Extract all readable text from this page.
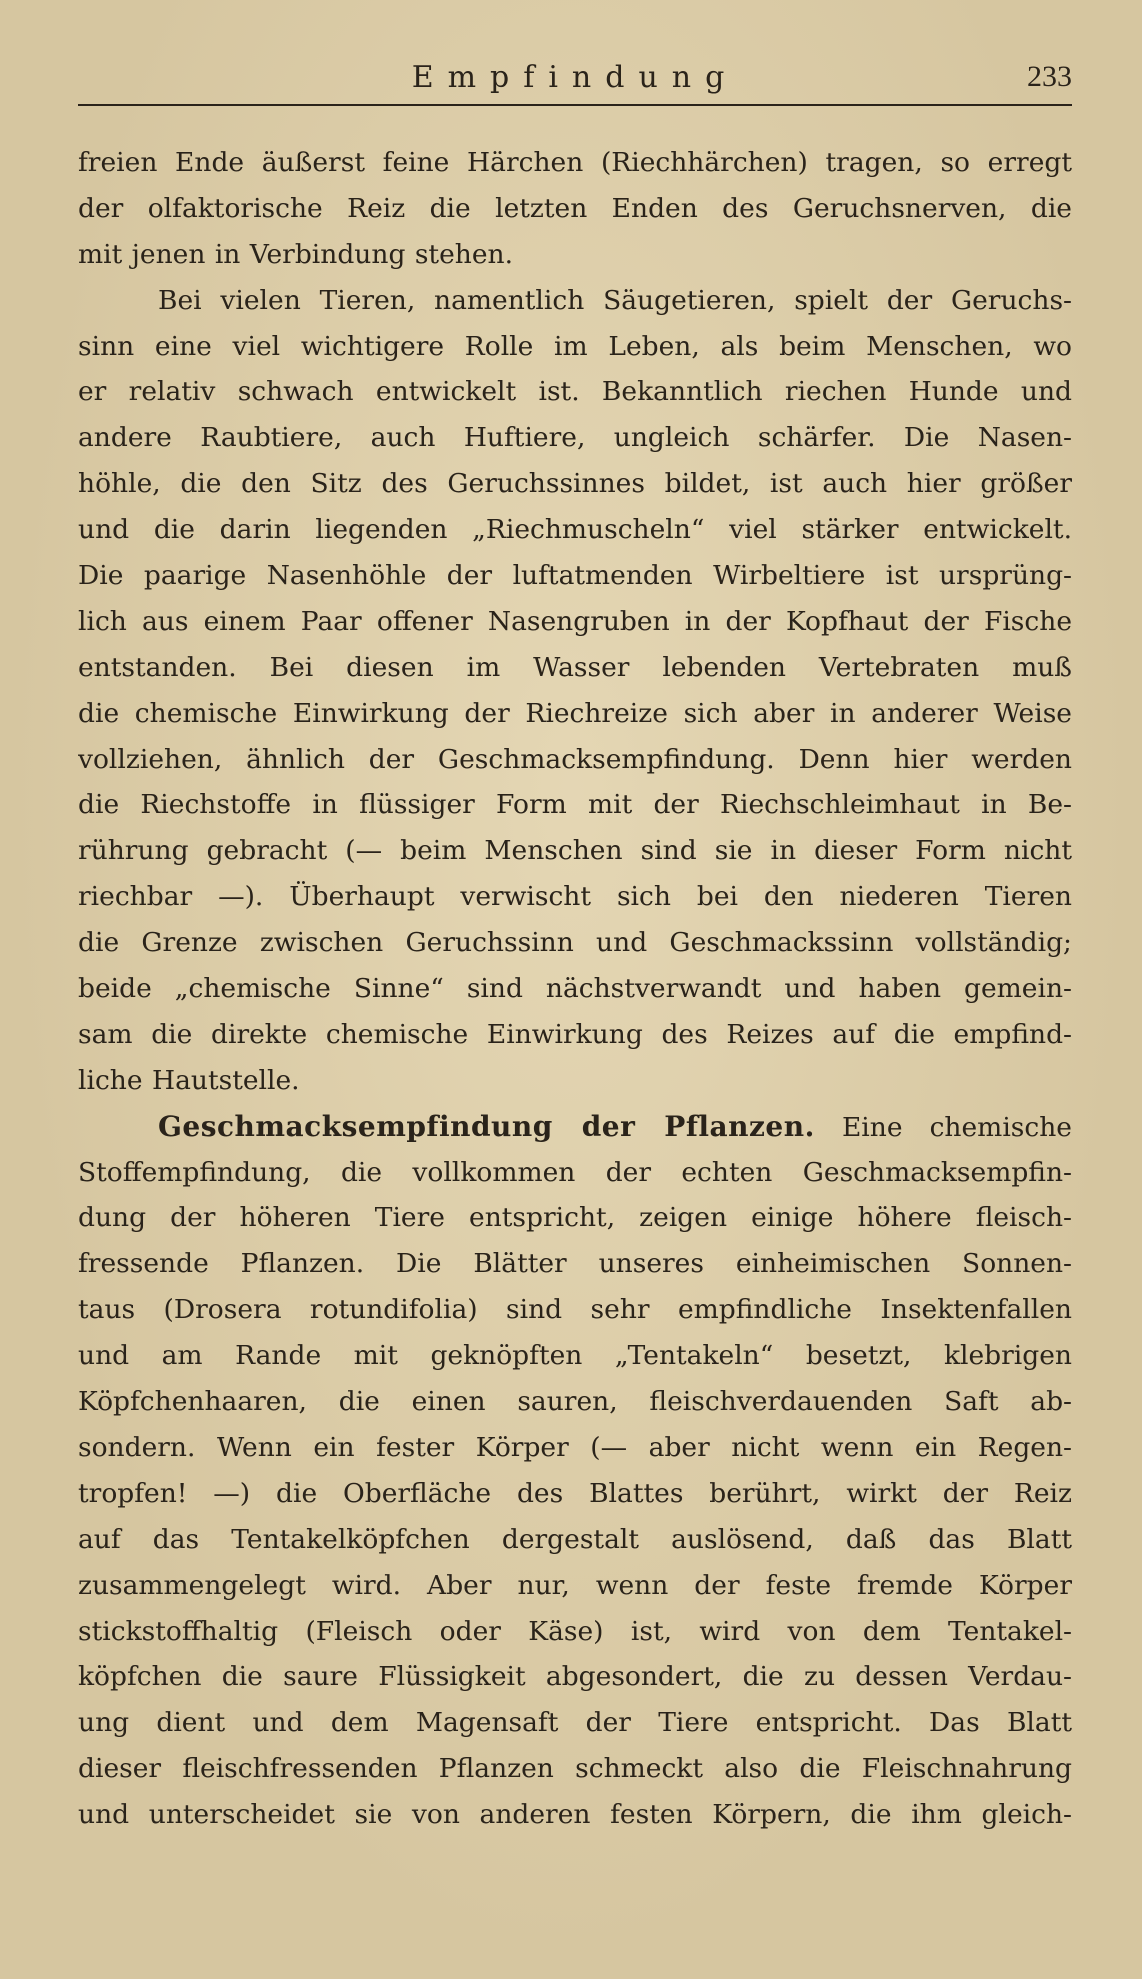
Empfindung	233
freien Ende äußerst feine Härchen (Riechhärchen) tragen, so erregt
der olfaktorische Reiz die letzten Enden des Geruchsnerven, die
mit jenen in Verbindung stehen.
Bei vielen Tieren, namentlich Säugetieren, spielt der Geruchs-
sinn eine viel wichtigere Rolle im Leben, als beim Menschen, wo
er relativ schwach entwickelt ist. Bekanntlich riechen Hunde und
andere Raubtiere, auch Huftiere, ungleich schärfer. Die Nasen-
höhle, die den Sitz des Geruchssinnes bildet, ist auch hier größer
und die darin liegenden „Riechmuscheln“ viel stärker entwickelt.
Die paarige Nasenhöhle der luftatmenden Wirbeltiere ist ursprüng-
lich aus einem Paar offener Nasengruben in der Kopfhaut der Fische
entstanden. Bei diesen im Wasser lebenden Vertebraten muß
die chemische Einwirkung der Riechreize sich aber in anderer Weise
vollziehen, ähnlich der Geschmacksempfindung. Denn hier werden
die Riechstoffe in flüssiger Form mit der Riechschleimhaut in Be-
rührung gebracht (— beim Menschen sind sie in dieser Form nicht
riechbar —). Überhaupt verwischt sich bei den niederen Tieren
die Grenze zwischen Geruchssinn und Geschmackssinn vollständig;
beide „chemische Sinne“ sind nächstverwandt und haben gemein-
sam die direkte chemische Einwirkung des Reizes auf die empfind-
liche Hautstelle.
Geschmacksempfindung der Pflanzen. Eine chemische
Stoffempfindung, die vollkommen der echten Geschmacksempfin-
dung der höheren Tiere entspricht, zeigen einige höhere fleisch-
fressende Pflanzen. Die Blätter unseres einheimischen Sonnen-
taus (Drosera rotundifolia) sind sehr empfindliche Insektenfallen
und am Rande mit geknöpften „Tentakeln“ besetzt, klebrigen
Köpfchenhaaren, die einen sauren, fleischverdauenden Saft ab-
sondern. Wenn ein fester Körper (— aber nicht wenn ein Regen-
tropfen! —) die Oberfläche des Blattes berührt, wirkt der Reiz
auf das Tentakelköpfchen dergestalt auslösend, daß das Blatt
zusammengelegt wird. Aber nur, wenn der feste fremde Körper
stickstoffhaltig (Fleisch oder Käse) ist, wird von dem Tentakel-
köpfchen die saure Flüssigkeit abgesondert, die zu dessen Verdau-
ung dient und dem Magensaft der Tiere entspricht. Das Blatt
dieser fleischfressenden Pflanzen schmeckt also die Fleischnahrung
und unterscheidet sie von anderen festen Körpern, die ihm gleich-
